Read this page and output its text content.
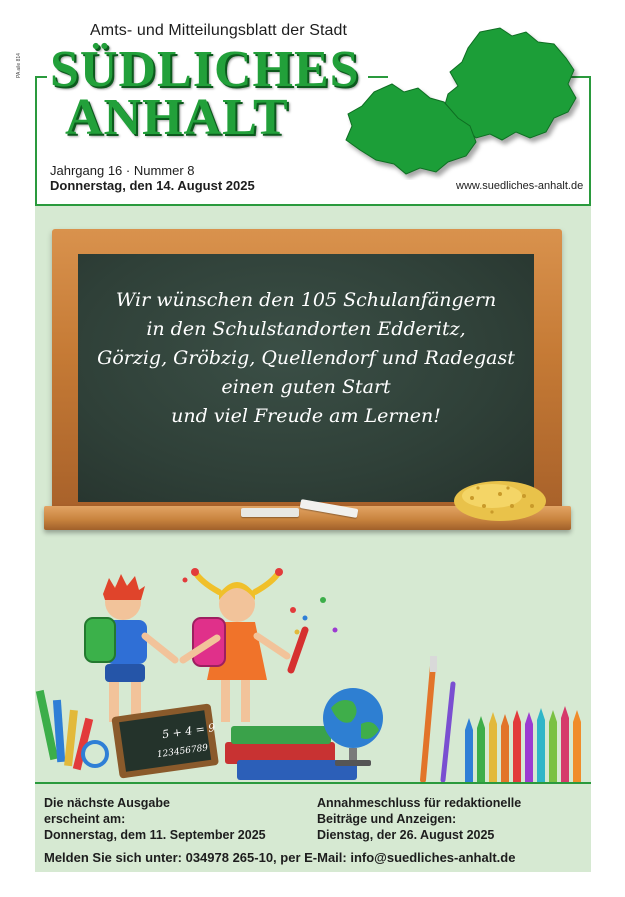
PA aile 814
Amts- und Mitteilungsblatt der Stadt
SÜDLICHES
ANHALT
Jahrgang 16 · Nummer 8
Donnerstag, den 14. August 2025	www.suedliches-anhalt.de
Wir wünschen den 105 Schulanfängern
in den Schulstandorten Edderitz,
Görzig, Gröbzig, Quellendorf und Radegast
einen guten Start
und viel Freude am Lernen!
5 + 4 = 9
123456789
Die nächste Ausgabe
erscheint am:
Donnerstag, dem 11. September 2025
Annahmeschluss für redaktionelle
Beiträge und Anzeigen:
Dienstag, der 26. August 2025
Melden Sie sich unter: 034978 265-10, per E-Mail: info@suedliches-anhalt.de
